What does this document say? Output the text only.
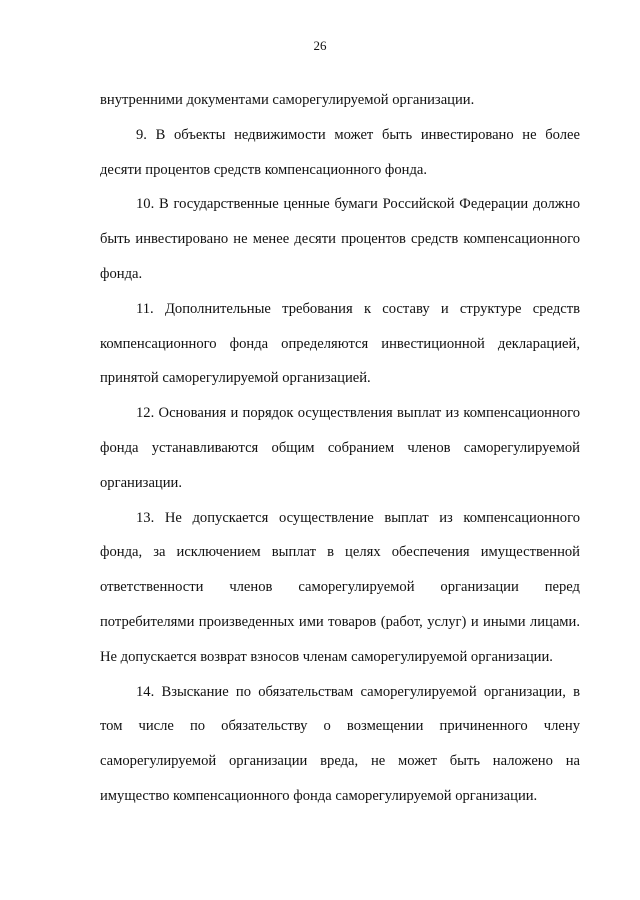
26

внутренними документами саморегулируемой организации.

9. В объекты недвижимости может быть инвестировано не более десяти процентов средств компенсационного фонда.

10. В государственные ценные бумаги Российской Федерации должно быть инвестировано не менее десяти процентов средств компенсационного фонда.

11. Дополнительные требования к составу и структуре средств компенсационного фонда определяются инвестиционной декларацией, принятой саморегулируемой организацией.

12. Основания и порядок осуществления выплат из компенсационного фонда устанавливаются общим собранием членов саморегулируемой организации.

13. Не допускается осуществление выплат из компенсационного фонда, за исключением выплат в целях обеспечения имущественной ответственности членов саморегулируемой организации перед потребителями произведенных ими товаров (работ, услуг) и иными лицами. Не допускается возврат взносов членам саморегулируемой организации.

14. Взыскание по обязательствам саморегулируемой организации, в том числе по обязательству о возмещении причиненного члену саморегулируемой организации вреда, не может быть наложено на имущество компенсационного фонда саморегулируемой организации.
